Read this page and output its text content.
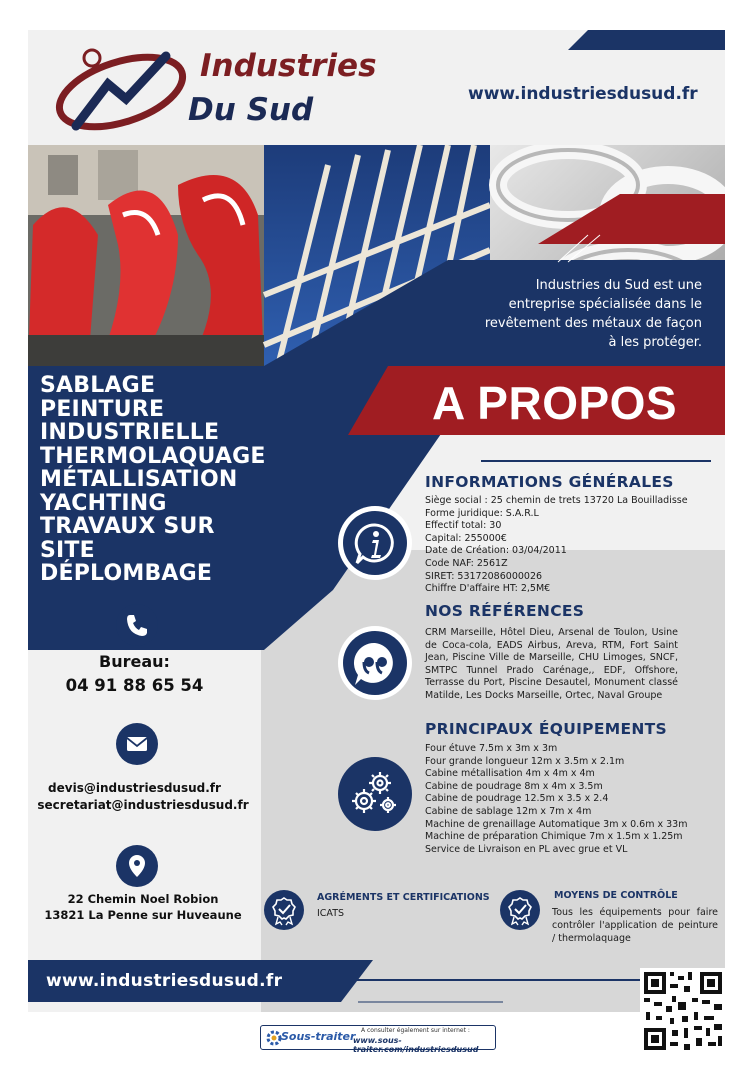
Industries
Du Sud	www.industriesdusud.fr
Industries du Sud est une entreprise spécialisée dans le revêtement des métaux de façon à les protéger.
SABLAGE
PEINTURE
INDUSTRIELLE
THERMOLAQUAGE
MÉTALLISATION
YACHTING
TRAVAUX SUR
SITE
DÉPLOMBAGE
A PROPOS
INFORMATIONS GÉNÉRALES
Siège social : 25 chemin de trets 13720 La Bouilladisse
Forme juridique: S.A.R.L
Effectif total: 30
Capital: 255000€
Date de Création: 03/04/2011
Code NAF: 2561Z
SIRET: 53172086000026
Chiffre D'affaire HT: 2,5M€
NOS RÉFÉRENCES
CRM Marseille, Hôtel Dieu, Arsenal de Toulon, Usine de Coca-cola, EADS Airbus, Areva, RTM, Fort Saint Jean, Piscine Ville de Marseille, CHU Limoges, SNCF, SMTPC Tunnel Prado Carénage,, EDF, Offshore, Terrasse du Port, Piscine Desautel, Monument classé Matilde, Les Docks Marseille, Ortec, Naval Groupe
PRINCIPAUX ÉQUIPEMENTS
Four étuve 7.5m x 3m x 3m
Four grande longueur 12m x 3.5m x 2.1m
Cabine métallisation 4m x 4m x 4m
Cabine de poudrage 8m x 4m x 3.5m
Cabine de poudrage 12.5m x 3.5 x 2.4
Cabine de sablage 12m x 7m x 4m
Machine de grenaillage Automatique 3m x 0.6m x 33m
Machine de préparation Chimique 7m x 1.5m x 1.25m
Service de Livraison en PL avec grue et VL
Bureau:
04 91 88 65 54
devis@industriesdusud.fr
secretariat@industriesdusud.fr
22 Chemin Noel Robion
13821 La Penne sur Huveaune
AGRÉMENTS ET CERTIFICATIONS
ICATS
MOYENS DE CONTRÔLE
Tous les équipements pour faire contrôler l'application de peinture / thermolaquage
www.industriesdusud.fr
Sous-traiter A consulter également sur internet :
www.sous-traiter.com/industriesdusud
